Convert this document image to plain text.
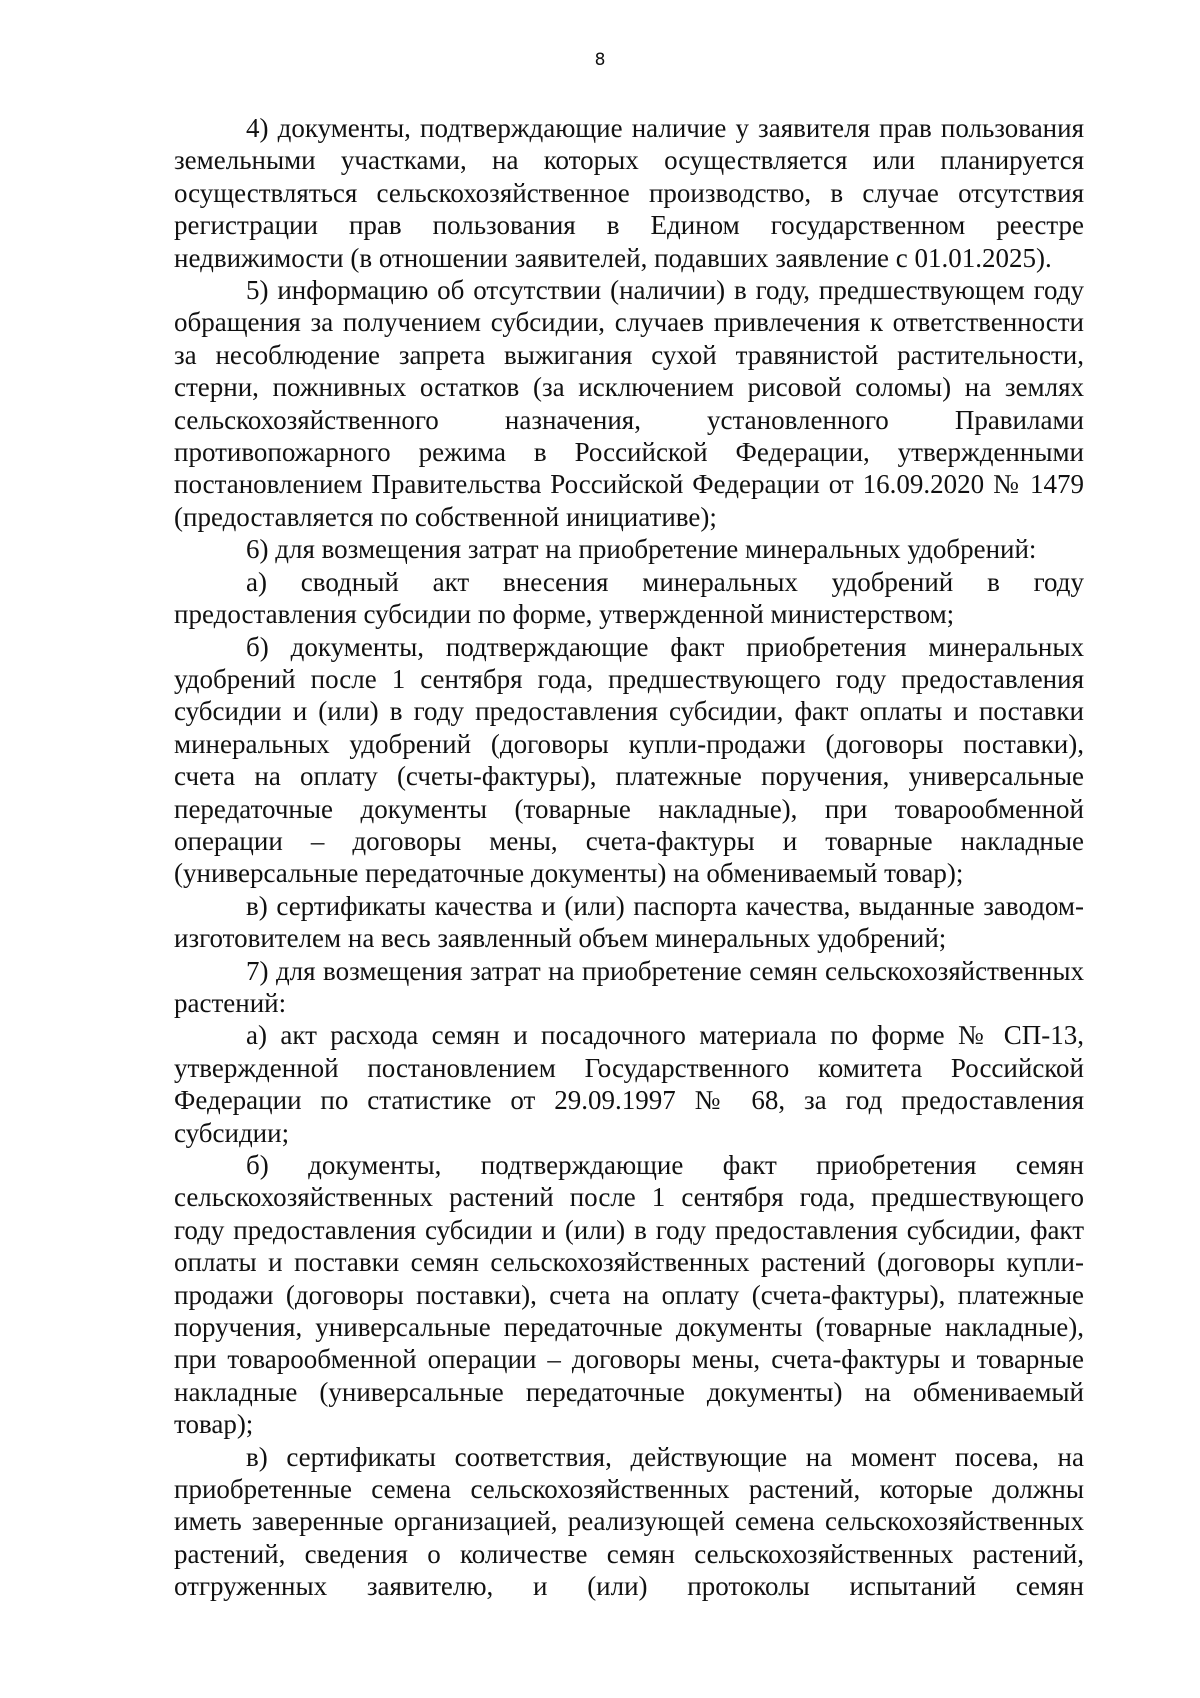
8

4) документы, подтверждающие наличие у заявителя прав пользования земельными участками, на которых осуществляется или планируется осуществляться сельскохозяйственное производство, в случае отсутствия регистрации прав пользования в Едином государственном реестре недвижимости (в отношении заявителей, подавших заявление с 01.01.2025).

5) информацию об отсутствии (наличии) в году, предшествующем году обращения за получением субсидии, случаев привлечения к ответственности за несоблюдение запрета выжигания сухой травянистой растительности, стерни, пожнивных остатков (за исключением рисовой соломы) на землях сельскохозяйственного назначения, установленного Правилами противопожарного режима в Российской Федерации, утвержденными постановлением Правительства Российской Федерации от 16.09.2020 № 1479 (предоставляется по собственной инициативе);

6) для возмещения затрат на приобретение минеральных удобрений:

а) сводный акт внесения минеральных удобрений в году предоставления субсидии по форме, утвержденной министерством;

б) документы, подтверждающие факт приобретения минеральных удобрений после 1 сентября года, предшествующего году предоставления субсидии и (или) в году предоставления субсидии, факт оплаты и поставки минеральных удобрений (договоры купли-продажи (договоры поставки), счета на оплату (счеты-фактуры), платежные поручения, универсальные передаточные документы (товарные накладные), при товарообменной операции – договоры мены, счета-фактуры и товарные накладные (универсальные передаточные документы) на обмениваемый товар);

в) сертификаты качества и (или) паспорта качества, выданные заводом-изготовителем на весь заявленный объем минеральных удобрений;

7) для возмещения затрат на приобретение семян сельскохозяйственных растений:

а) акт расхода семян и посадочного материала по форме № СП-13, утвержденной постановлением Государственного комитета Российской Федерации по статистике от 29.09.1997 № 68, за год предоставления субсидии;

б) документы, подтверждающие факт приобретения семян сельскохозяйственных растений после 1 сентября года, предшествующего году предоставления субсидии и (или) в году предоставления субсидии, факт оплаты и поставки семян сельскохозяйственных растений (договоры купли-продажи (договоры поставки), счета на оплату (счета-фактуры), платежные поручения, универсальные передаточные документы (товарные накладные), при товарообменной операции – договоры мены, счета-фактуры и товарные накладные (универсальные передаточные документы) на обмениваемый товар);

в) сертификаты соответствия, действующие на момент посева, на приобретенные семена сельскохозяйственных растений, которые должны иметь заверенные организацией, реализующей семена сельскохозяйственных растений, сведения о количестве семян сельскохозяйственных растений, отгруженных заявителю, и (или) протоколы испытаний семян
